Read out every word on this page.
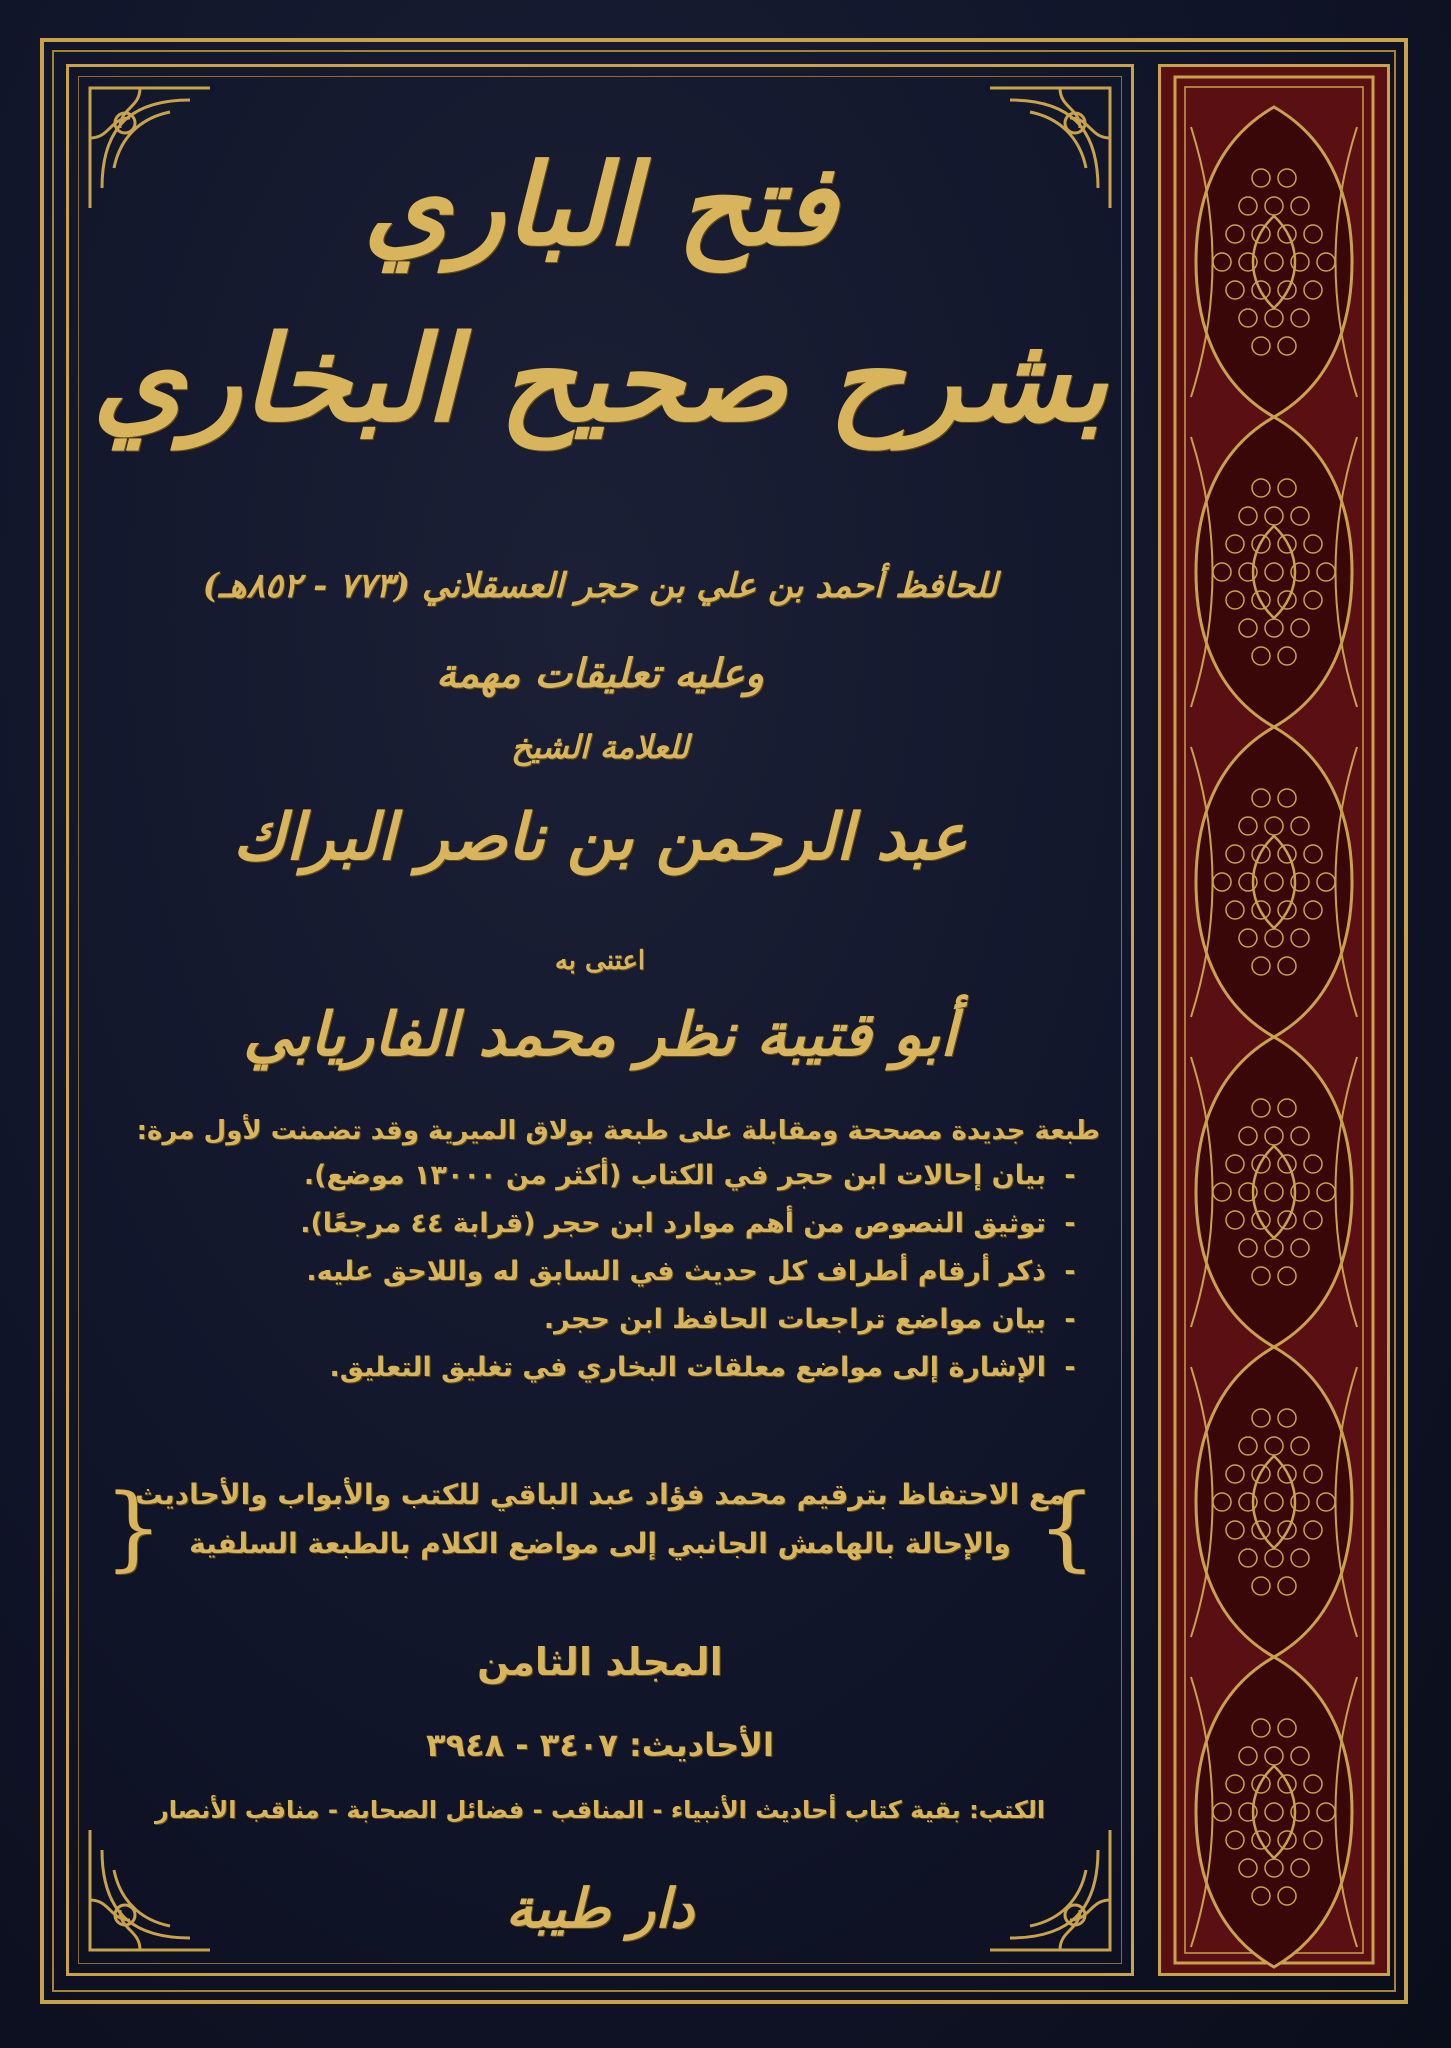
فتح الباري
بشرح صحيح البخاري
للحافظ أحمد بن علي بن حجر العسقلاني (٧٧٣ - ٨٥٢هـ)
وعليه تعليقات مهمة
للعلامة الشيخ
عبد الرحمن بن ناصر البراك
اعتنى به
أبو قتيبة نظر محمد الفاريابي
طبعة جديدة مصححة ومقابلة على طبعة بولاق الميرية وقد تضمنت لأول مرة:
-بيان إحالات ابن حجر في الكتاب (أكثر من ١٣٠٠٠ موضع).
-توثيق النصوص من أهم موارد ابن حجر (قرابة ٤٤ مرجعًا).
-ذكر أرقام أطراف كل حديث في السابق له واللاحق عليه.
-بيان مواضع تراجعات الحافظ ابن حجر.
-الإشارة إلى مواضع معلقات البخاري في تغليق التعليق.
}
{
مع الاحتفاظ بترقيم محمد فؤاد عبد الباقي للكتب والأبواب والأحاديث
والإحالة بالهامش الجانبي إلى مواضع الكلام بالطبعة السلفية
المجلد الثامن
الأحاديث: ٣٤٠٧ - ٣٩٤٨
الكتب: بقية كتاب أحاديث الأنبياء - المناقب - فضائل الصحابة - مناقب الأنصار
دار طيبة
